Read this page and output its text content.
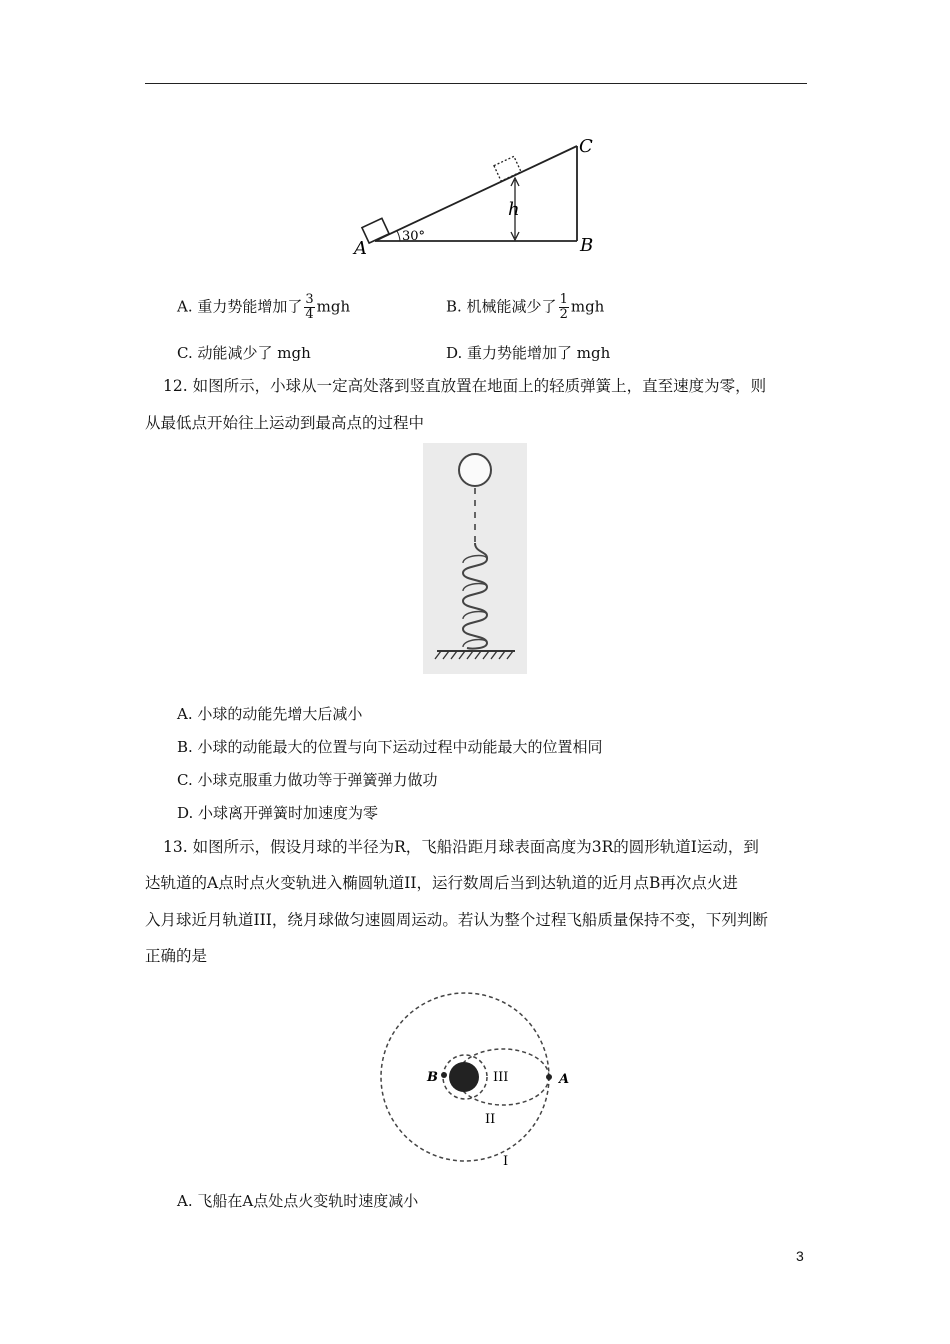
h
A	B
C
30°
A. 重力势能增加了 $\frac{3}{4}$ mgh	B. 机械能减少了 $\frac{1}{2}$ mgh
C. 动能减少了 mgh	D. 重力势能增加了 mgh
12. 如图所示，小球从一定高处落到竖直放置在地面上的轻质弹簧上，直至速度为零，则
从最低点开始往上运动到最高点的过程中
A. 小球的动能先增大后减小
B. 小球的动能最大的位置与向下运动过程中动能最大的位置相同
C. 小球克服重力做功等于弹簧弹力做功
D. 小球离开弹簧时加速度为零
13. 如图所示，假设月球的半径为R，飞船沿距月球表面高度为3R的圆形轨道Ⅰ运动，到
达轨道的A点时点火变轨进入椭圆轨道II，运行数周后当到达轨道的近月点B再次点火进
入月球近月轨道III，绕月球做匀速圆周运动。若认为整个过程飞船质量保持不变，下列判断
正确的是
B	A
III
II
I
A. 飞船在A点处点火变轨时速度减小
3
